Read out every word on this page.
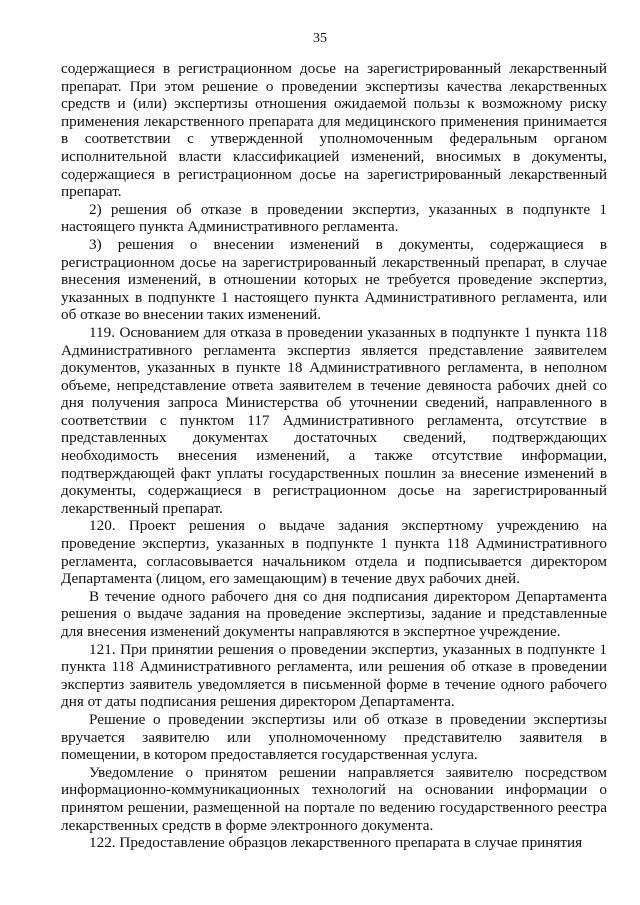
35

содержащиеся в регистрационном досье на зарегистрированный лекарственный препарат. При этом решение о проведении экспертизы качества лекарственных средств и (или) экспертизы отношения ожидаемой пользы к возможному риску применения лекарственного препарата для медицинского применения принимается в соответствии с утвержденной уполномоченным федеральным органом исполнительной власти классификацией изменений, вносимых в документы, содержащиеся в регистрационном досье на зарегистрированный лекарственный препарат.

2) решения об отказе в проведении экспертиз, указанных в подпункте 1 настоящего пункта Административного регламента.

3) решения о внесении изменений в документы, содержащиеся в регистрационном досье на зарегистрированный лекарственный препарат, в случае внесения изменений, в отношении которых не требуется проведение экспертиз, указанных в подпункте 1 настоящего пункта Административного регламента, или об отказе во внесении таких изменений.

119. Основанием для отказа в проведении указанных в подпункте 1 пункта 118 Административного регламента экспертиз является представление заявителем документов, указанных в пункте 18 Административного регламента, в неполном объеме, непредставление ответа заявителем в течение девяноста рабочих дней со дня получения запроса Министерства об уточнении сведений, направленного в соответствии с пунктом 117 Административного регламента, отсутствие в представленных документах достаточных сведений, подтверждающих необходимость внесения изменений, а также отсутствие информации, подтверждающей факт уплаты государственных пошлин за внесение изменений в документы, содержащиеся в регистрационном досье на зарегистрированный лекарственный препарат.

120. Проект решения о выдаче задания экспертному учреждению на проведение экспертиз, указанных в подпункте 1 пункта 118 Административного регламента, согласовывается начальником отдела и подписывается директором Департамента (лицом, его замещающим) в течение двух рабочих дней.

В течение одного рабочего дня со дня подписания директором Департамента решения о выдаче задания на проведение экспертизы, задание и представленные для внесения изменений документы направляются в экспертное учреждение.

121. При принятии решения о проведении экспертиз, указанных в подпункте 1 пункта 118 Административного регламента, или решения об отказе в проведении экспертиз заявитель уведомляется в письменной форме в течение одного рабочего дня от даты подписания решения директором Департамента.

Решение о проведении экспертизы или об отказе в проведении экспертизы вручается заявителю или уполномоченному представителю заявителя в помещении, в котором предоставляется государственная услуга.

Уведомление о принятом решении направляется заявителю посредством информационно-коммуникационных технологий на основании информации о принятом решении, размещенной на портале по ведению государственного реестра лекарственных средств в форме электронного документа.

122. Предоставление образцов лекарственного препарата в случае принятия
